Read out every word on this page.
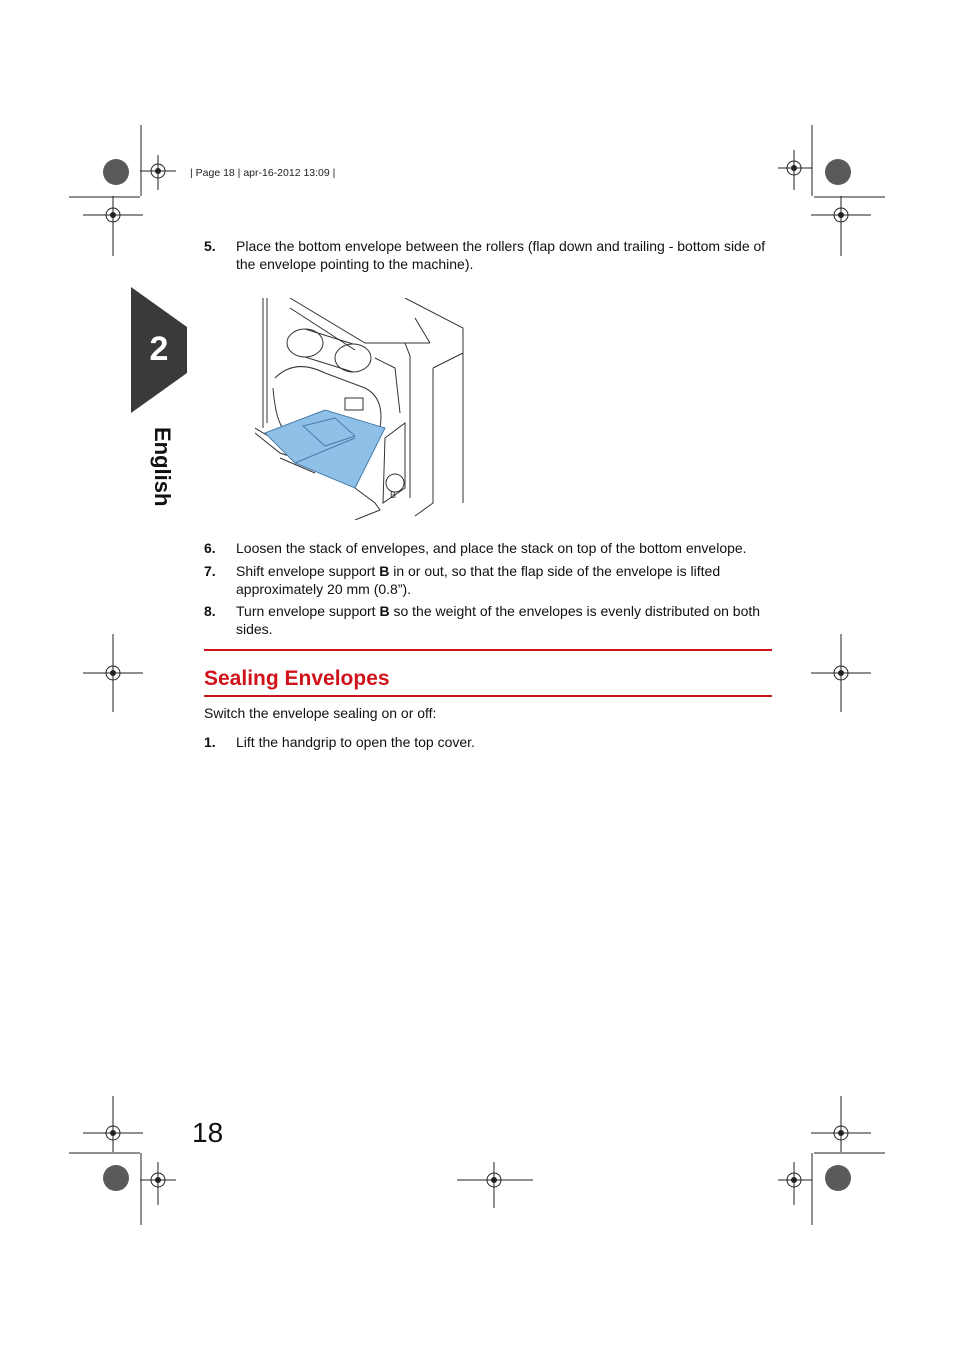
| Page 18 | apr-16-2012 13:09 |
2
English
5. Place the bottom envelope between the rollers (flap down and trailing - bottom side of the envelope pointing to the machine).
B
6. Loosen the stack of envelopes, and place the stack on top of the bottom envelope.
7. Shift envelope support B in or out, so that the flap side of the envelope is lifted approximately 20 mm (0.8”).
8. Turn envelope support B so the weight of the envelopes is evenly distributed on both sides.
Sealing Envelopes
Switch the envelope sealing on or off:
1. Lift the handgrip to open the top cover.
18
